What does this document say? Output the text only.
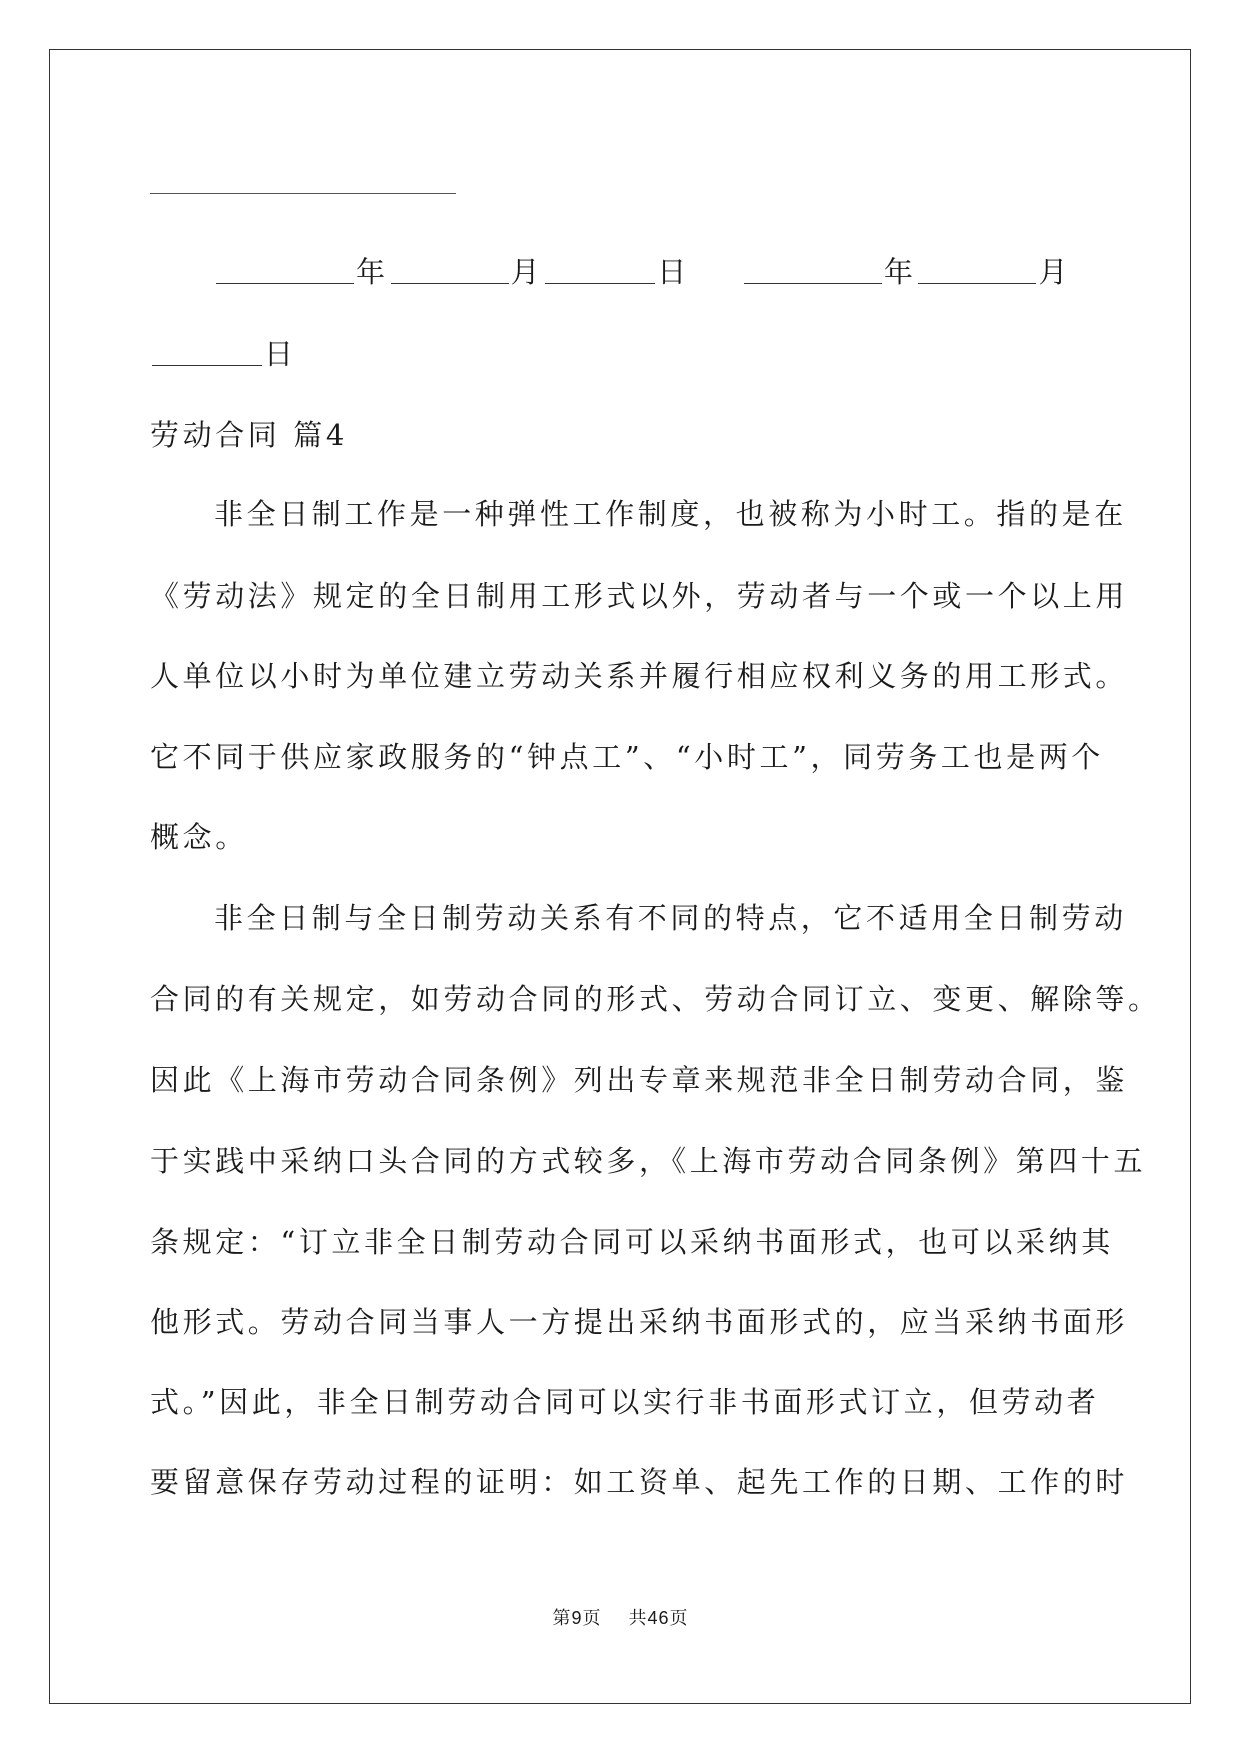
年	月	日	年	月
日
劳动合同 篇4
非全日制工作是一种弹性工作制度，也被称为小时工。指的是在
《劳动法》规定的全日制用工形式以外，劳动者与一个或一个以上用
人单位以小时为单位建立劳动关系并履行相应权利义务的用工形式。
它不同于供应家政服务的“钟点工”、“小时工”，同劳务工也是两个
概念。
非全日制与全日制劳动关系有不同的特点，它不适用全日制劳动
合同的有关规定，如劳动合同的形式、劳动合同订立、变更、解除等。
因此《上海市劳动合同条例》列出专章来规范非全日制劳动合同，鉴
于实践中采纳口头合同的方式较多，《上海市劳动合同条例》第四十五
条规定：“订立非全日制劳动合同可以采纳书面形式，也可以采纳其
他形式。劳动合同当事人一方提出采纳书面形式的，应当采纳书面形
式。”因此，非全日制劳动合同可以实行非书面形式订立，但劳动者
要留意保存劳动过程的证明：如工资单、起先工作的日期、工作的时
第9页 共46页
